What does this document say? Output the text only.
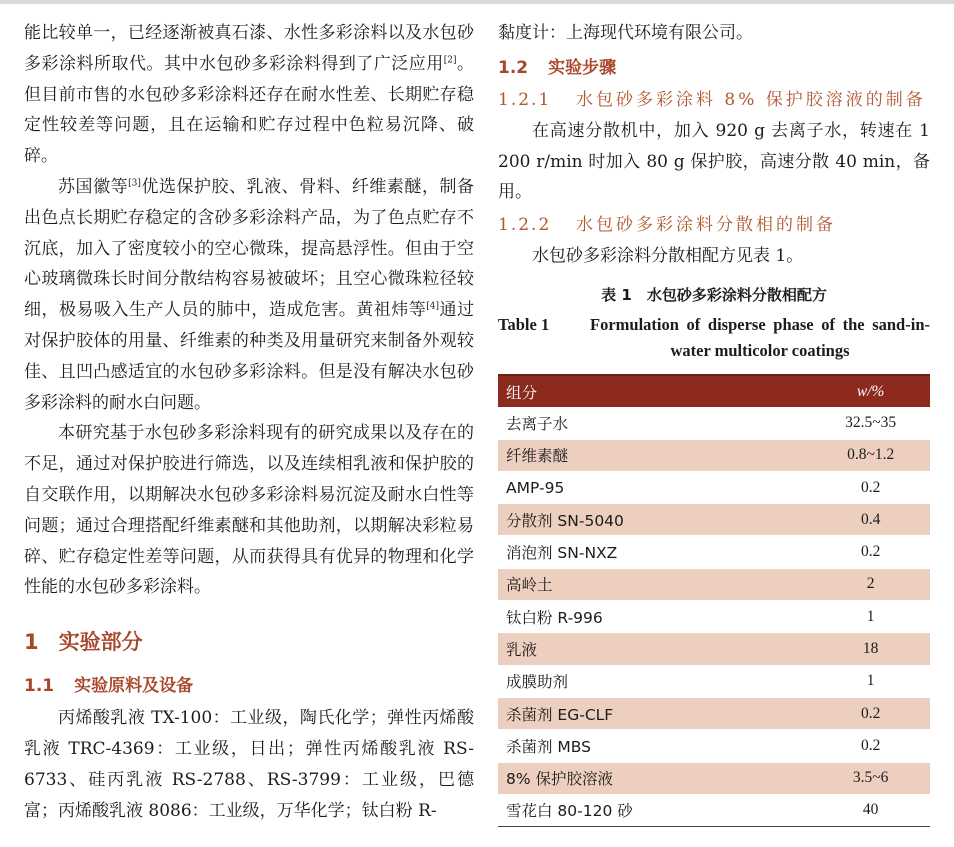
能比较单一，已经逐渐被真石漆、水性多彩涂料以及水包砂多彩涂料所取代。其中水包砂多彩涂料得到了广泛应用[2]。但目前市售的水包砂多彩涂料还存在耐水性差、长期贮存稳定性较差等问题，且在运输和贮存过程中色粒易沉降、破碎。

苏国徽等[3]优选保护胶、乳液、骨料、纤维素醚，制备出色点长期贮存稳定的含砂多彩涂料产品，为了色点贮存不沉底，加入了密度较小的空心微珠，提高悬浮性。但由于空心玻璃微珠长时间分散结构容易被破坏；且空心微珠粒径较细，极易吸入生产人员的肺中，造成危害。黄祖炜等[4]通过对保护胶体的用量、纤维素的种类及用量研究来制备外观较佳、且凹凸感适宜的水包砂多彩涂料。但是没有解决水包砂多彩涂料的耐水白问题。

本研究基于水包砂多彩涂料现有的研究成果以及存在的不足，通过对保护胶进行筛选，以及连续相乳液和保护胶的自交联作用，以期解决水包砂多彩涂料易沉淀及耐水白性等问题；通过合理搭配纤维素醚和其他助剂，以期解决彩粒易碎、贮存稳定性差等问题，从而获得具有优异的物理和化学性能的水包砂多彩涂料。

1 实验部分
1.1 实验原料及设备

丙烯酸乳液 TX-100：工业级，陶氏化学；弹性丙烯酸乳液 TRC-4369：工业级，日出；弹性丙烯酸乳液 RS-6733、硅丙乳液 RS-2788、RS-3799：工业级，巴德富；丙烯酸乳液 8086：工业级，万华化学；钛白粉 R-

黏度计：上海现代环境有限公司。

1.2 实验步骤
1.2.1	水包砂多彩涂料 8% 保护胶溶液的制备

在高速分散机中，加入 920 g 去离子水，转速在 1 200 r/min 时加入 80 g 保护胶，高速分散 40 min，备用。

1.2.2	水包砂多彩涂料分散相的制备

水包砂多彩涂料分散相配方见表 1。

表 1　水包砂多彩涂料分散相配方
Table 1	Formulation of disperse phase of the sand-in-water multicolor coatings
组分	w/%
去离子水	32.5~35
纤维素醚	0.8~1.2
AMP-95	0.2
分散剂 SN-5040	0.4
消泡剂 SN-NXZ	0.2
高岭土	2
钛白粉 R-996	1
乳液	18
成膜助剂	1
杀菌剂 EG-CLF	0.2
杀菌剂 MBS	0.2
8% 保护胶溶液	3.5~6
雪花白 80-120 砂	40
